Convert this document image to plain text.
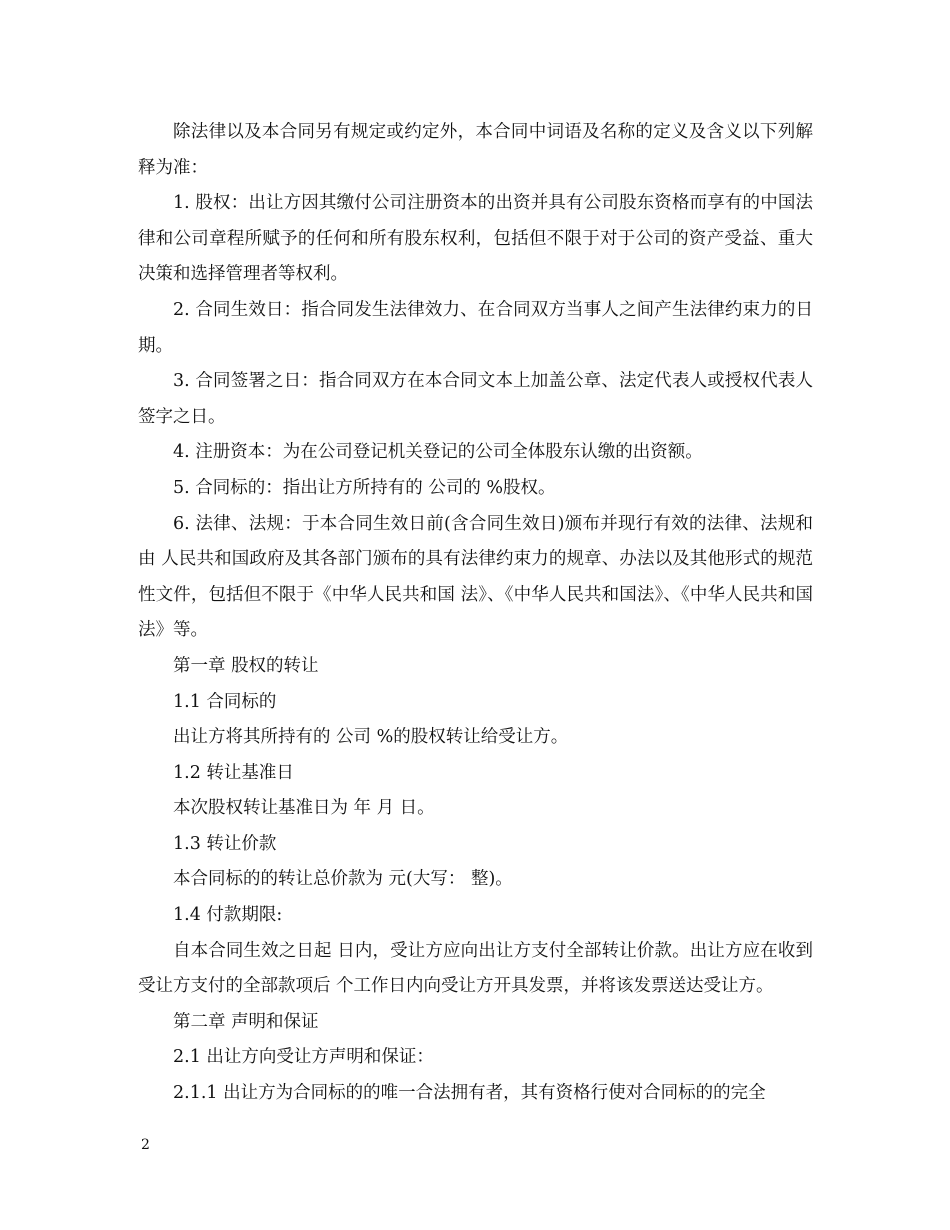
除法律以及本合同另有规定或约定外，本合同中词语及名称的定义及含义以下列解释为准：

1. 股权：出让方因其缴付公司注册资本的出资并具有公司股东资格而享有的中国法律和公司章程所赋予的任何和所有股东权利，包括但不限于对于公司的资产受益、重大决策和选择管理者等权利。

2. 合同生效日：指合同发生法律效力、在合同双方当事人之间产生法律约束力的日期。

3. 合同签署之日：指合同双方在本合同文本上加盖公章、法定代表人或授权代表人签字之日。

4. 注册资本：为在公司登记机关登记的公司全体股东认缴的出资额。

5. 合同标的：指出让方所持有的 公司的 %股权。

6. 法律、法规：于本合同生效日前(含合同生效日)颁布并现行有效的法律、法规和由 人民共和国政府及其各部门颁布的具有法律约束力的规章、办法以及其他形式的规范性文件，包括但不限于《中华人民共和国 法》、《中华人民共和国法》、《中华人民共和国 法》等。

第一章 股权的转让

1.1 合同标的

出让方将其所持有的 公司 %的股权转让给受让方。

1.2 转让基准日

本次股权转让基准日为 年 月 日。

1.3 转让价款

本合同标的的转让总价款为 元(大写： 整)。

1.4 付款期限:

自本合同生效之日起 日内，受让方应向出让方支付全部转让价款。出让方应在收到受让方支付的全部款项后 个工作日内向受让方开具发票，并将该发票送达受让方。

第二章 声明和保证

2.1 出让方向受让方声明和保证：

2.1.1 出让方为合同标的的唯一合法拥有者，其有资格行使对合同标的的完全

2
